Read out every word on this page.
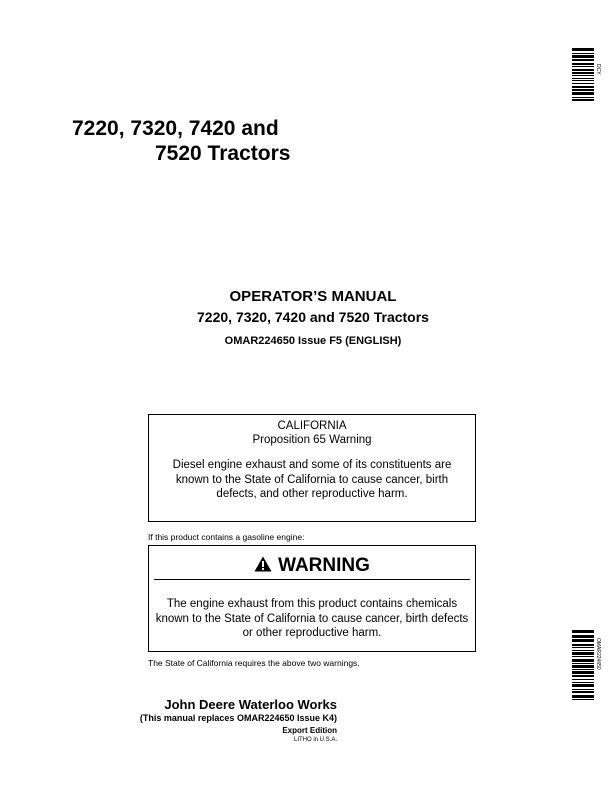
DCY
7220, 7320, 7420 and
7520 Tractors
OPERATOR’S MANUAL
7220, 7320, 7420 and 7520 Tractors
OMAR224650 Issue F5 (ENGLISH)
CALIFORNIA
Proposition 65 Warning
Diesel engine exhaust and some of its constituents are known to the State of California to cause cancer, birth defects, and other reproductive harm.
If this product contains a gasoline engine:
WARNING
The engine exhaust from this product contains chemicals known to the State of California to cause cancer, birth defects or other reproductive harm.
The State of California requires the above two warnings.	OMAR224650
John Deere Waterloo Works
(This manual replaces OMAR224650 Issue K4)
Export Edition
LITHO in U.S.A.
